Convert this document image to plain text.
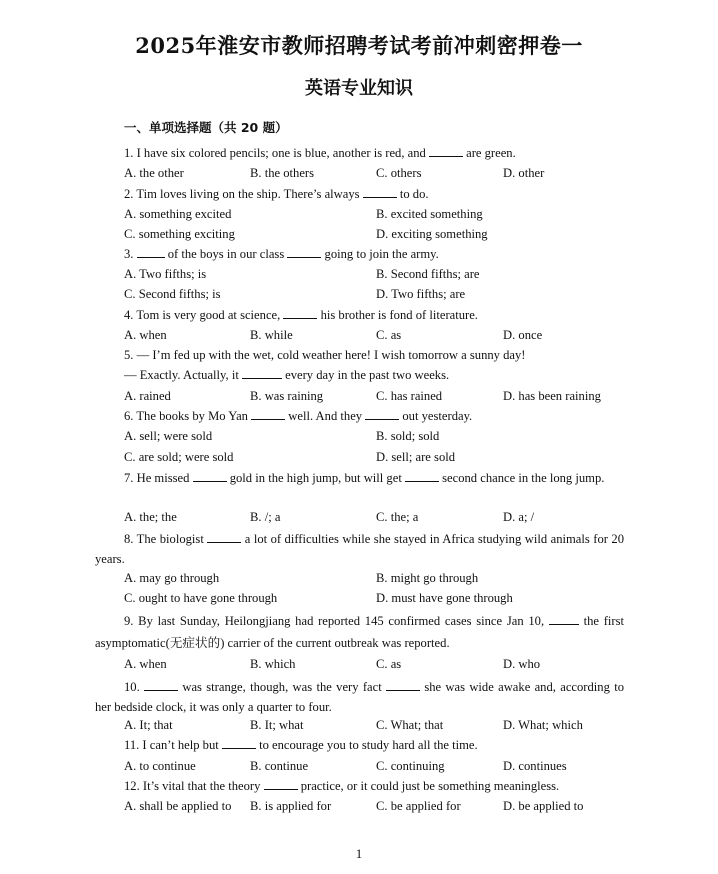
2025年淮安市教师招聘考试考前冲刺密押卷一
英语专业知识
一、单项选择题（共 20 题）
1. I have six colored pencils; one is blue, another is red, and	are green.
A. the other	B. the others	C. others	D. other
2. Tim loves living on the ship. There’s always	to do.
A. something excited	B. excited something
C. something exciting	D. exciting something
3.  of the boys in our class	going to join the army.
A. Two fifths; is	B. Second fifths; are
C. Second fifths; is	D. Two fifths; are
4. Tom is very good at science,	his brother is fond of literature.
A. when	B. while	C. as	D. once
5. — I’m fed up with the wet, cold weather here! I wish tomorrow a sunny day!
— Exactly. Actually, it	every day in the past two weeks.
A. rained	B. was raining	C. has rained	D. has been raining
6. The books by Mo Yan	well. And they	out yesterday.
A. sell; were sold	B. sold; sold
C. are sold; were sold	D. sell; are sold
7. He missed	gold in the high jump, but will get	second chance in the long jump.
A. the; the	B. /; a	C. the; a	D. a; /
8. The biologist	a lot of difficulties while she stayed in Africa studying wild animals for 20 years.
A. may go through	B. might go through
C. ought to have gone through	D. must have gone through
9. By last Sunday, Heilongjiang had reported 145 confirmed cases since Jan 10,  the first asymptomatic(无症状的) carrier of the current outbreak was reported.
A. when	B. which	C. as	D. who
10.	was strange, though, was the very fact	she was wide awake and, according to her bedside clock, it was only a quarter to four.
A. It; that	B. It; what	C. What; that	D. What; which
11. I can’t help but	to encourage you to study hard all the time.
A. to continue	B. continue	C. continuing	D. continues
12. It’s vital that the theory	practice, or it could just be something meaningless.
A. shall be applied to B. is applied for	C. be applied for	D. be applied to
1
